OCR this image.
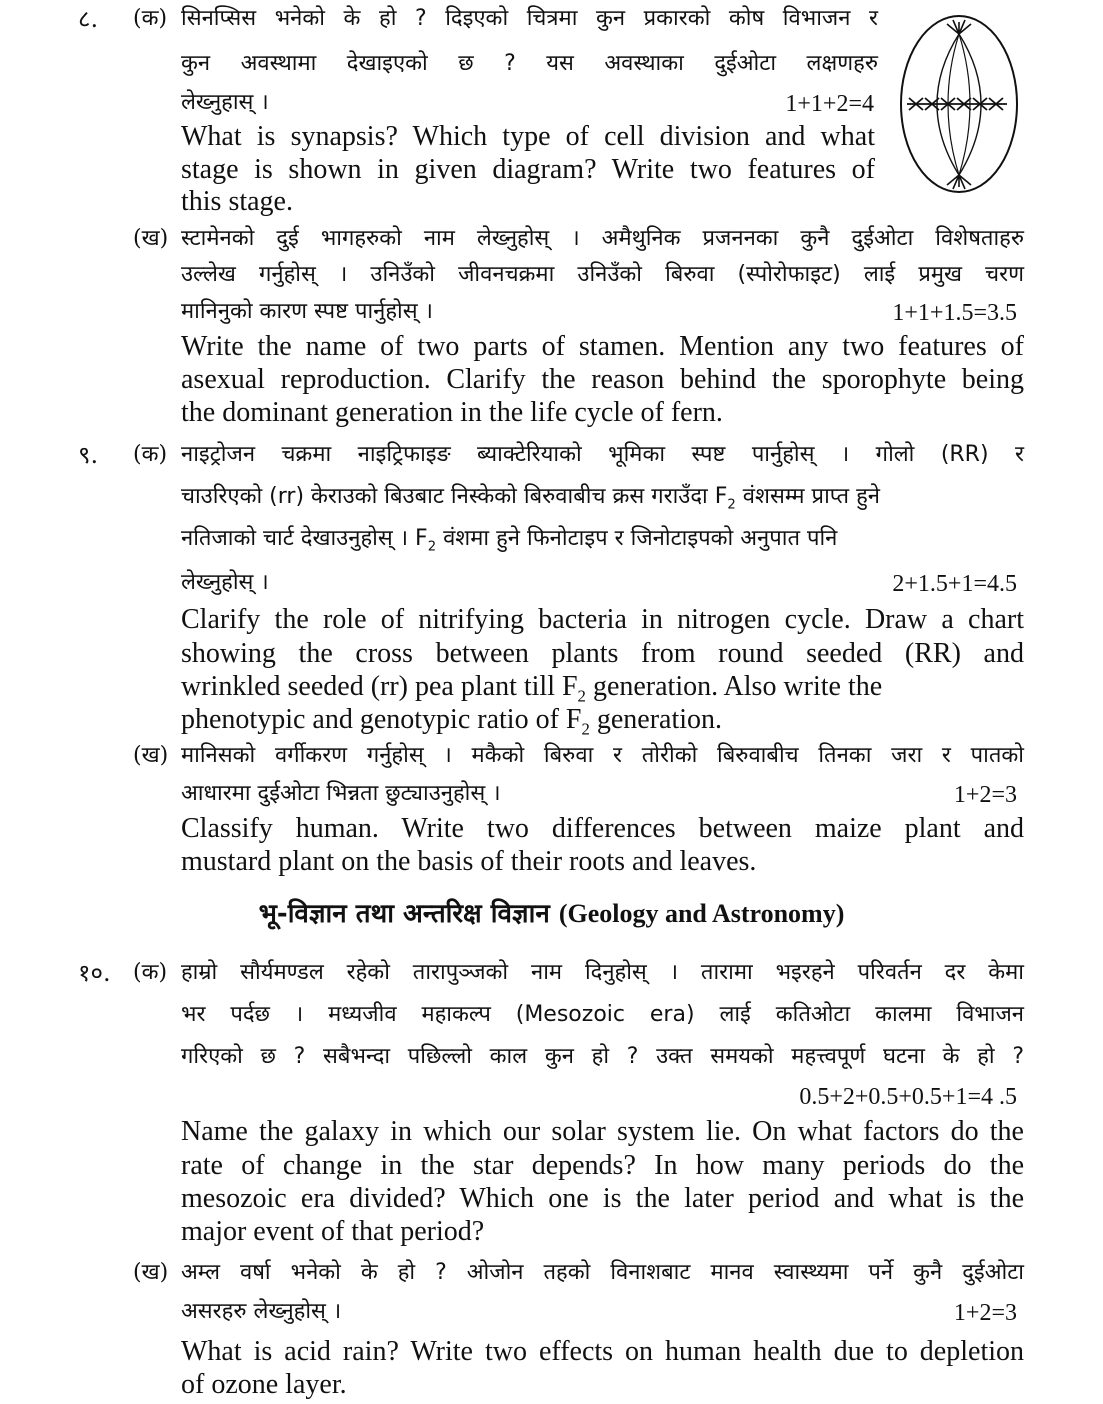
८. (क) सिनप्सिस भनेको के हो ? दिइएको चित्रमा कुन प्रकारको कोष विभाजन र
कुन अवस्थामा देखाइएको छ ? यस अवस्थाका दुईओटा लक्षणहरु
लेख्नुहास् ।	1+1+2=4
What is synapsis? Which type of cell division and what
stage is shown in given diagram? Write two features of
this stage.
(ख) स्टामेनको दुई भागहरुको नाम लेख्नुहोस् । अमैथुनिक प्रजननका कुनै दुईओटा विशेषताहरु
उल्लेख गर्नुहोस् । उनिउँको जीवनचक्रमा उनिउँको बिरुवा (स्पोरोफाइट) लाई प्रमुख चरण
मानिनुको कारण स्पष्ट पार्नुहोस् ।	1+1+1.5=3.5
Write the name of two parts of stamen. Mention any two features of
asexual reproduction. Clarify the reason behind the sporophyte being
the dominant generation in the life cycle of fern.
९. (क) नाइट्रोजन चक्रमा नाइट्रिफाइङ ब्याक्टेरियाको भूमिका स्पष्ट पार्नुहोस् । गोलो (RR) र
चाउरिएको (rr) केराउको बिउबाट निस्केको बिरुवाबीच क्रस गराउँदा $F_2$ वंशसम्म प्राप्त हुने
नतिजाको चार्ट देखाउनुहोस् । $F_2$ वंशमा हुने फिनोटाइप र जिनोटाइपको अनुपात पनि
लेख्नुहोस् ।	2+1.5+1=4.5
Clarify the role of nitrifying bacteria in nitrogen cycle. Draw a chart
showing the cross between plants from round seeded (RR) and
wrinkled seeded (rr) pea plant till $F_2$ generation. Also write the
phenotypic and genotypic ratio of $F_2$ generation.
(ख) मानिसको वर्गीकरण गर्नुहोस् । मकैको बिरुवा र तोरीको बिरुवाबीच तिनका जरा र पातको
आधारमा दुईओटा भिन्नता छुट्याउनुहोस् ।	1+2=3
Classify human. Write two differences between maize plant and
mustard plant on the basis of their roots and leaves.
भू-विज्ञान तथा अन्तरिक्ष विज्ञान (Geology and Astronomy)
१०. (क) हाम्रो सौर्यमण्डल रहेको तारापुञ्जको नाम दिनुहोस् । तारामा भइरहने परिवर्तन दर केमा
भर पर्दछ । मध्यजीव महाकल्प (Mesozoic era) लाई कतिओटा कालमा विभाजन
गरिएको छ ? सबैभन्दा पछिल्लो काल कुन हो ? उक्त समयको महत्त्वपूर्ण घटना के हो ?
0.5+2+0.5+0.5+1=4 .5
Name the galaxy in which our solar system lie. On what factors do the
rate of change in the star depends? In how many periods do the
mesozoic era divided? Which one is the later period and what is the
major event of that period?
(ख) अम्ल वर्षा भनेको के हो ? ओजोन तहको विनाशबाट मानव स्वास्थ्यमा पर्ने कुनै दुईओटा
असरहरु लेख्नुहोस् ।	1+2=3
What is acid rain? Write two effects on human health due to depletion
of ozone layer.
